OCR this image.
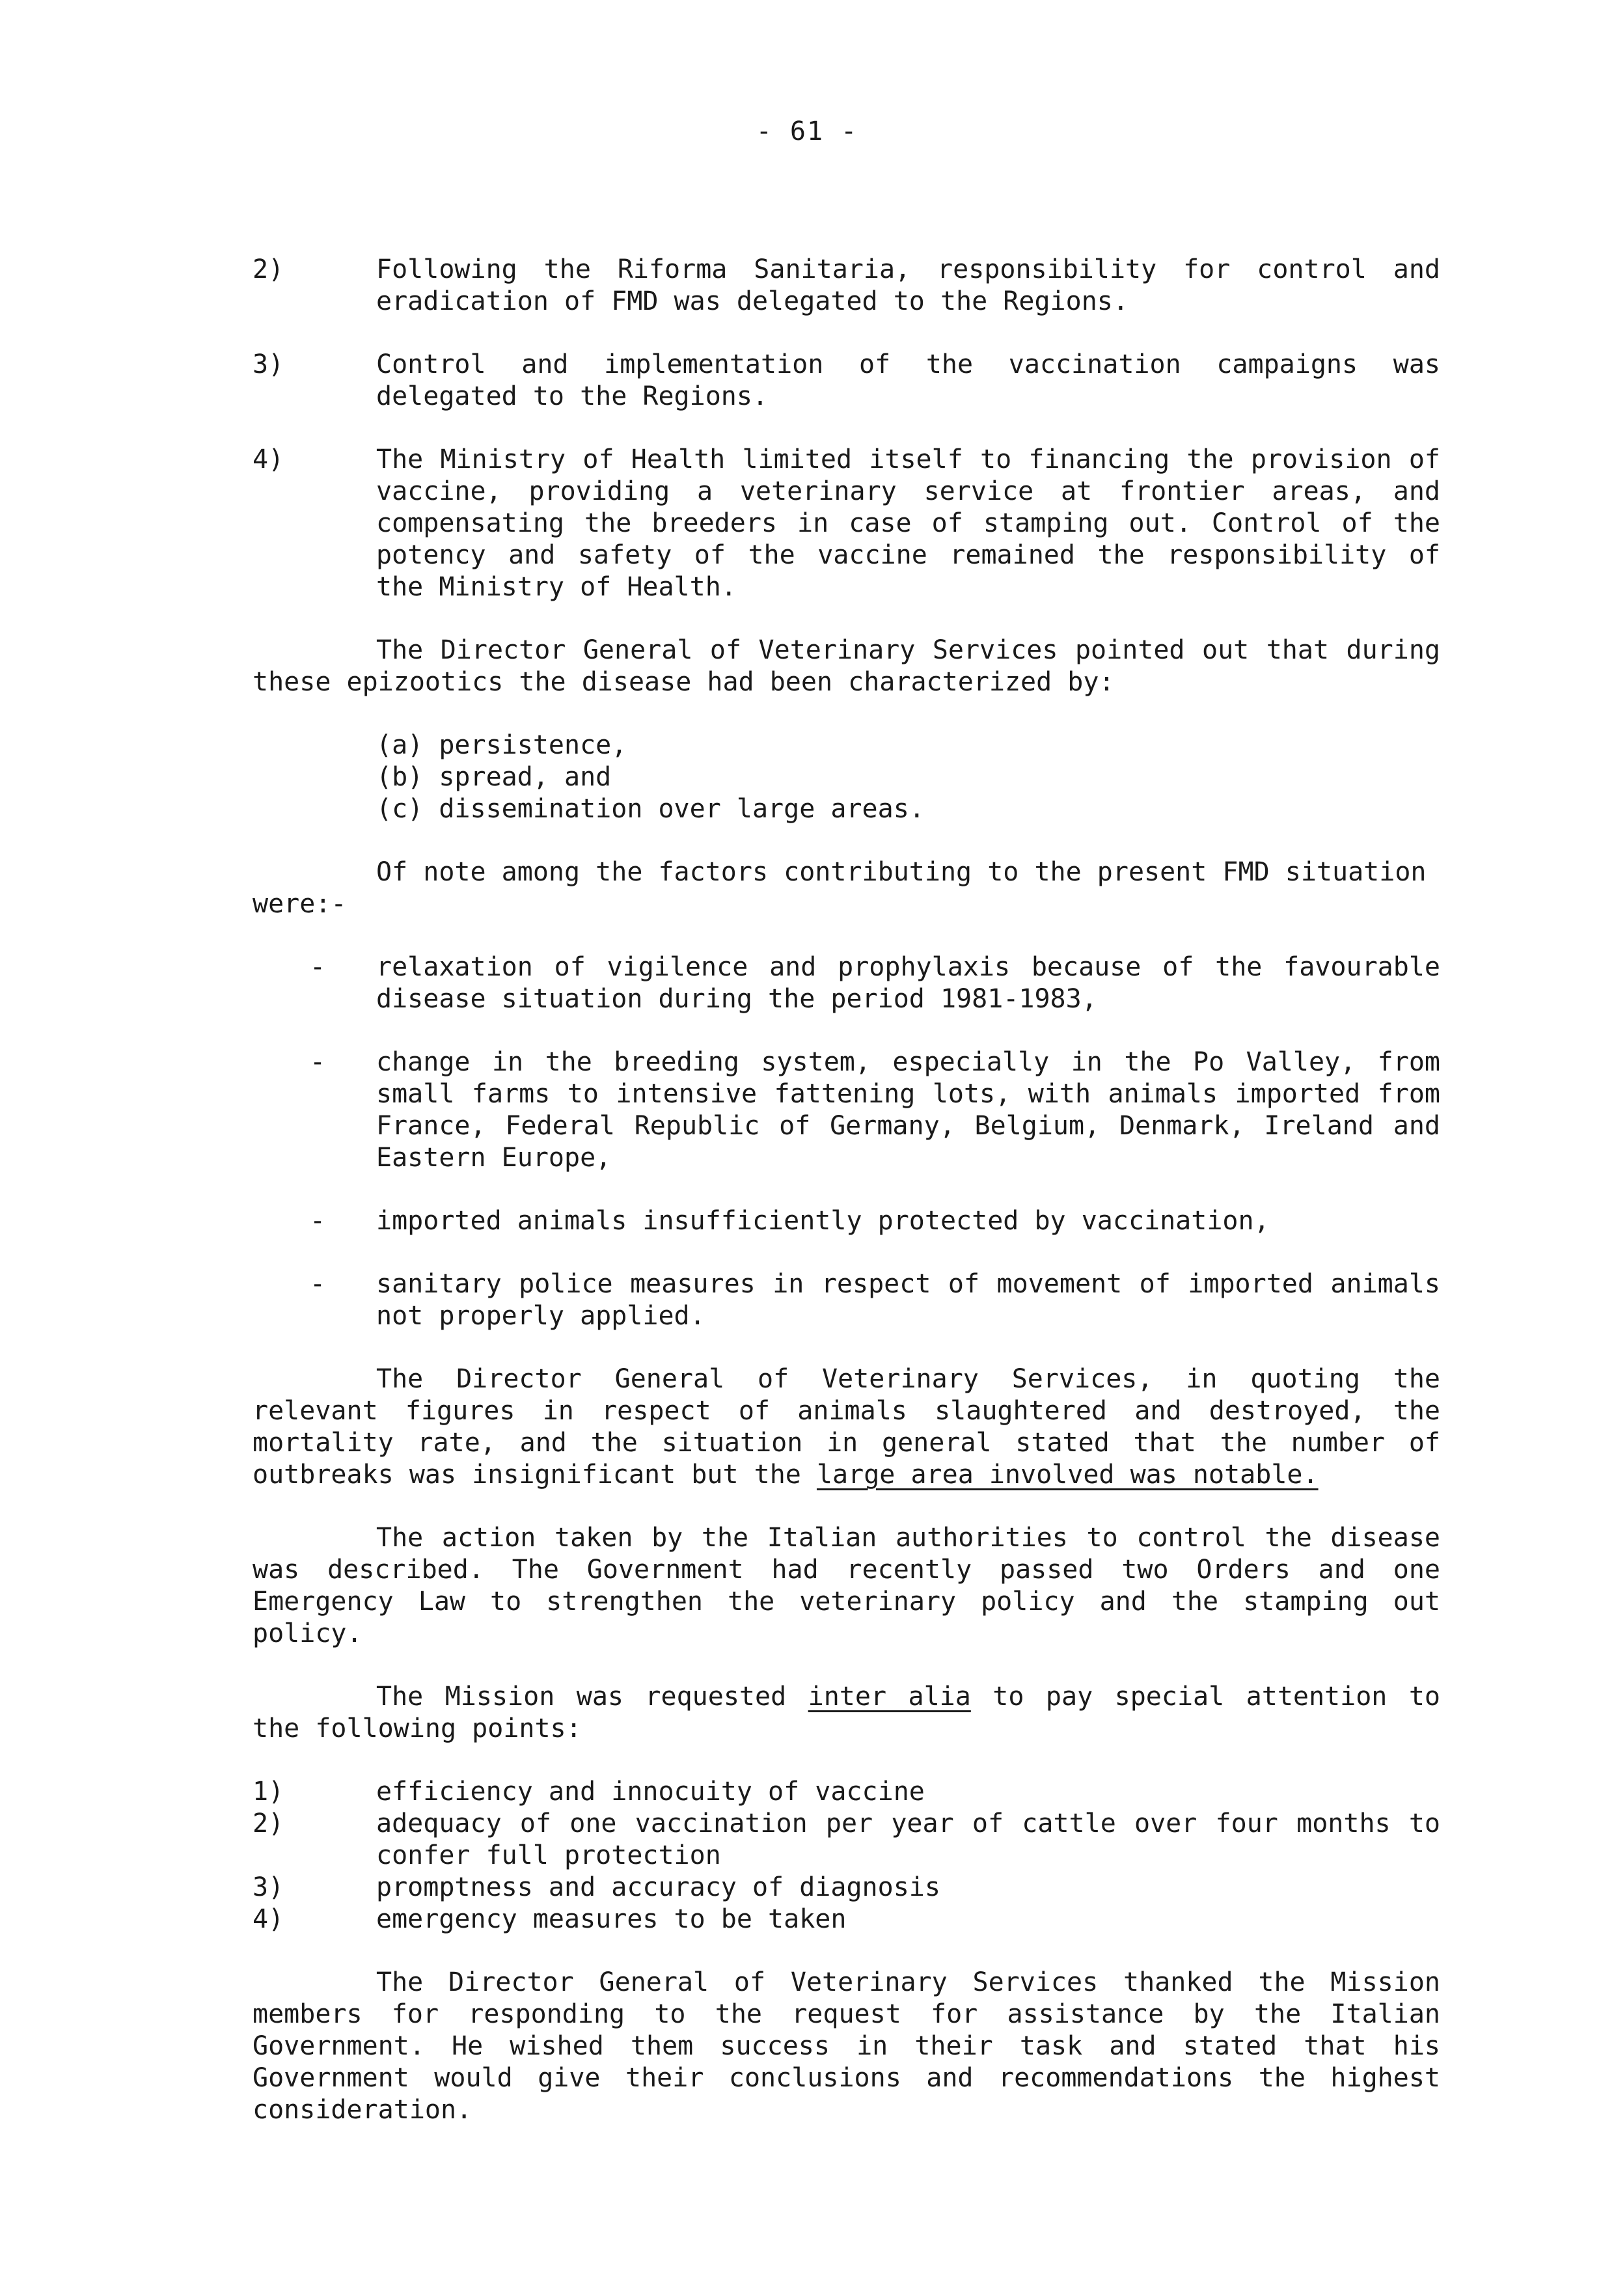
- 61 -
2)	Following the Riforma Sanitaria, responsibility for control and eradication of FMD was delegated to the Regions.
3)	Control and implementation of the vaccination campaigns was delegated to the Regions.
4)	The Ministry of Health limited itself to financing the provision of vaccine, providing a veterinary service at frontier areas, and compensating the breeders in case of stamping out. Control of the potency and safety of the vaccine remained the responsibility of the Ministry of Health.

The Director General of Veterinary Services pointed out that during these epizootics the disease had been characterized by:

(a) persistence,
(b) spread, and
(c) dissemination over large areas.
Of note among the factors contributing to the present FMD situation
were:-
- relaxation of vigilence and prophylaxis because of the favourable disease situation during the period 1981-1983,
- change in the breeding system, especially in the Po Valley, from small farms to intensive fattening lots, with animals imported from France, Federal Republic of Germany, Belgium, Denmark, Ireland and Eastern Europe,
- imported animals insufficiently protected by vaccination,
- sanitary police measures in respect of movement of imported animals not properly applied.

The Director General of Veterinary Services, in quoting the relevant figures in respect of animals slaughtered and destroyed, the mortality rate, and the situation in general stated that the number of outbreaks was insignificant but the large area involved was notable.

The action taken by the Italian authorities to control the disease was described. The Government had recently passed two Orders and one Emergency Law to strengthen the veterinary policy and the stamping out policy.

The Mission was requested inter alia to pay special attention to the following points:

1)	efficiency and innocuity of vaccine
2)	adequacy of one vaccination per year of cattle over four months to confer full protection
3)	promptness and accuracy of diagnosis
4)	emergency measures to be taken

The Director General of Veterinary Services thanked the Mission members for responding to the request for assistance by the Italian Government. He wished them success in their task and stated that his Government would give their conclusions and recommendations the highest consideration.
